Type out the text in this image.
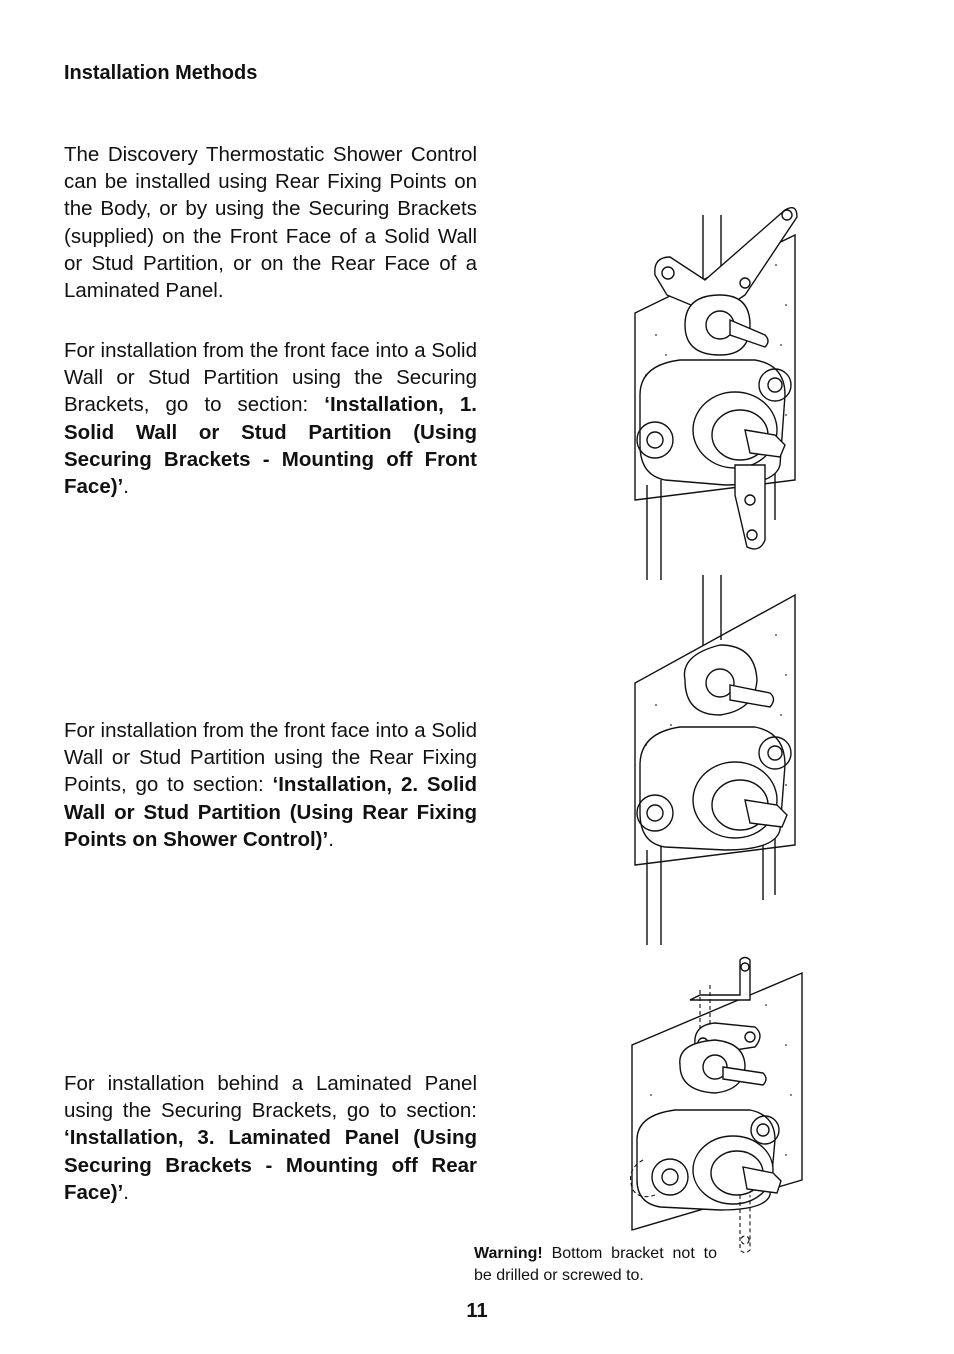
Installation Methods

The Discovery Thermostatic Shower Control can be installed using Rear Fixing Points on the Body, or by using the Securing Brackets (supplied) on the Front Face of a Solid Wall or Stud Partition, or on the Rear Face of a Laminated Panel.

For installation from the front face into a Solid Wall or Stud Partition using the Securing Brackets, go to section: ‘Installation, 1. Solid Wall or Stud Partition (Using Securing Brackets - Mounting off Front Face)’.

For installation from the front face into a Solid Wall or Stud Partition using the Rear Fixing Points, go to section: ‘Installation, 2. Solid Wall or Stud Partition (Using Rear Fixing Points on Shower Control)’.

For installation behind a Laminated Panel using the Securing Brackets, go to section: ‘Installation, 3. Laminated Panel (Using Securing Brackets - Mounting off Rear Face)’.

Warning! Bottom bracket not to be drilled or screwed to.

11
